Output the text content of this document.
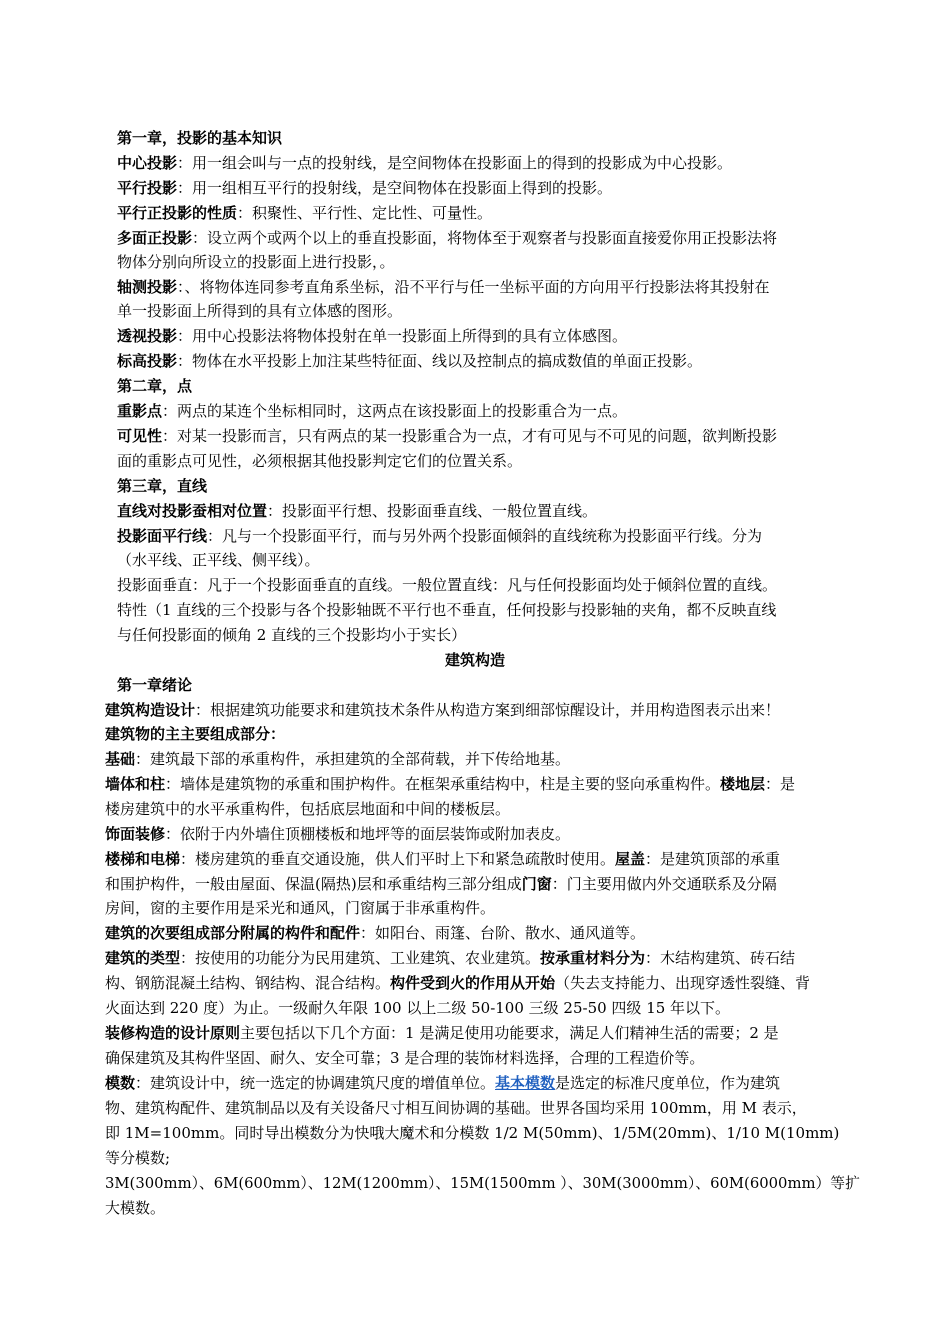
第一章，投影的基本知识
中心投影：用一组会叫与一点的投射线，是空间物体在投影面上的得到的投影成为中心投影。
平行投影：用一组相互平行的投射线，是空间物体在投影面上得到的投影。
平行正投影的性质：积聚性、平行性、定比性、可量性。
多面正投影：设立两个或两个以上的垂直投影面，将物体至于观察者与投影面直接爱你用正投影法将
物体分别向所设立的投影面上进行投影，。
轴测投影：、将物体连同参考直角系坐标，沿不平行与任一坐标平面的方向用平行投影法将其投射在
单一投影面上所得到的具有立体感的图形。
透视投影：用中心投影法将物体投射在单一投影面上所得到的具有立体感图。
标高投影：物体在水平投影上加注某些特征面、线以及控制点的搞成数值的单面正投影。
第二章，点
重影点：两点的某连个坐标相同时，这两点在该投影面上的投影重合为一点。
可见性：对某一投影而言，只有两点的某一投影重合为一点，才有可见与不可见的问题，欲判断投影
面的重影点可见性，必须根据其他投影判定它们的位置关系。
第三章，直线
直线对投影蚕相对位置：投影面平行想、投影面垂直线、一般位置直线。
投影面平行线：凡与一个投影面平行，而与另外两个投影面倾斜的直线统称为投影面平行线。分为
（水平线、正平线、侧平线）。
投影面垂直：凡于一个投影面垂直的直线。一般位置直线：凡与任何投影面均处于倾斜位置的直线。
特性（1 直线的三个投影与各个投影轴既不平行也不垂直，任何投影与投影轴的夹角，都不反映直线
与任何投影面的倾角 2 直线的三个投影均小于实长）
建筑构造
第一章绪论
建筑构造设计：根据建筑功能要求和建筑技术条件从构造方案到细部惊醒设计，并用构造图表示出来！
建筑物的主主要组成部分：
基础：建筑最下部的承重构件，承担建筑的全部荷载，并下传给地基。
墙体和柱：墙体是建筑物的承重和围护构件。在框架承重结构中，柱是主要的竖向承重构件。楼地层：是
楼房建筑中的水平承重构件，包括底层地面和中间的楼板层。
饰面装修：依附于内外墙住顶棚楼板和地坪等的面层装饰或附加表皮。
楼梯和电梯：楼房建筑的垂直交通设施，供人们平时上下和紧急疏散时使用。屋盖：是建筑顶部的承重
和围护构件，一般由屋面、保温(隔热)层和承重结构三部分组成门窗：门主要用做内外交通联系及分隔
房间，窗的主要作用是采光和通风，门窗属于非承重构件。
建筑的次要组成部分附属的构件和配件：如阳台、雨篷、台阶、散水、通风道等。
建筑的类型：按使用的功能分为民用建筑、工业建筑、农业建筑。按承重材料分为：木结构建筑、砖石结
构、钢筋混凝土结构、钢结构、混合结构。构件受到火的作用从开始（失去支持能力、出现穿透性裂缝、背
火面达到 220 度）为止。一级耐久年限 100 以上二级 50-100 三级 25-50 四级 15 年以下。
装修构造的设计原则主要包括以下几个方面：1 是满足使用功能要求，满足人们精神生活的需要；2 是
确保建筑及其构件坚固、耐久、安全可靠；3 是合理的装饰材料选择，合理的工程造价等。
模数：建筑设计中，统一选定的协调建筑尺度的增值单位。基本模数是选定的标准尺度单位，作为建筑
物、建筑构配件、建筑制品以及有关设备尺寸相互间协调的基础。世界各国均采用 100mm，用 M 表示，
即 1M=100mm。同时导出模数分为快哦大魔术和分模数 1/2 M(50mm)、1/5M(20mm)、1/10 M(10mm)
等分模数;
3M(300mm）、6M(600mm）、12M(1200mm）、15M(1500mm ）、30M(3000mm）、60M(6000mm）等扩
大模数。
